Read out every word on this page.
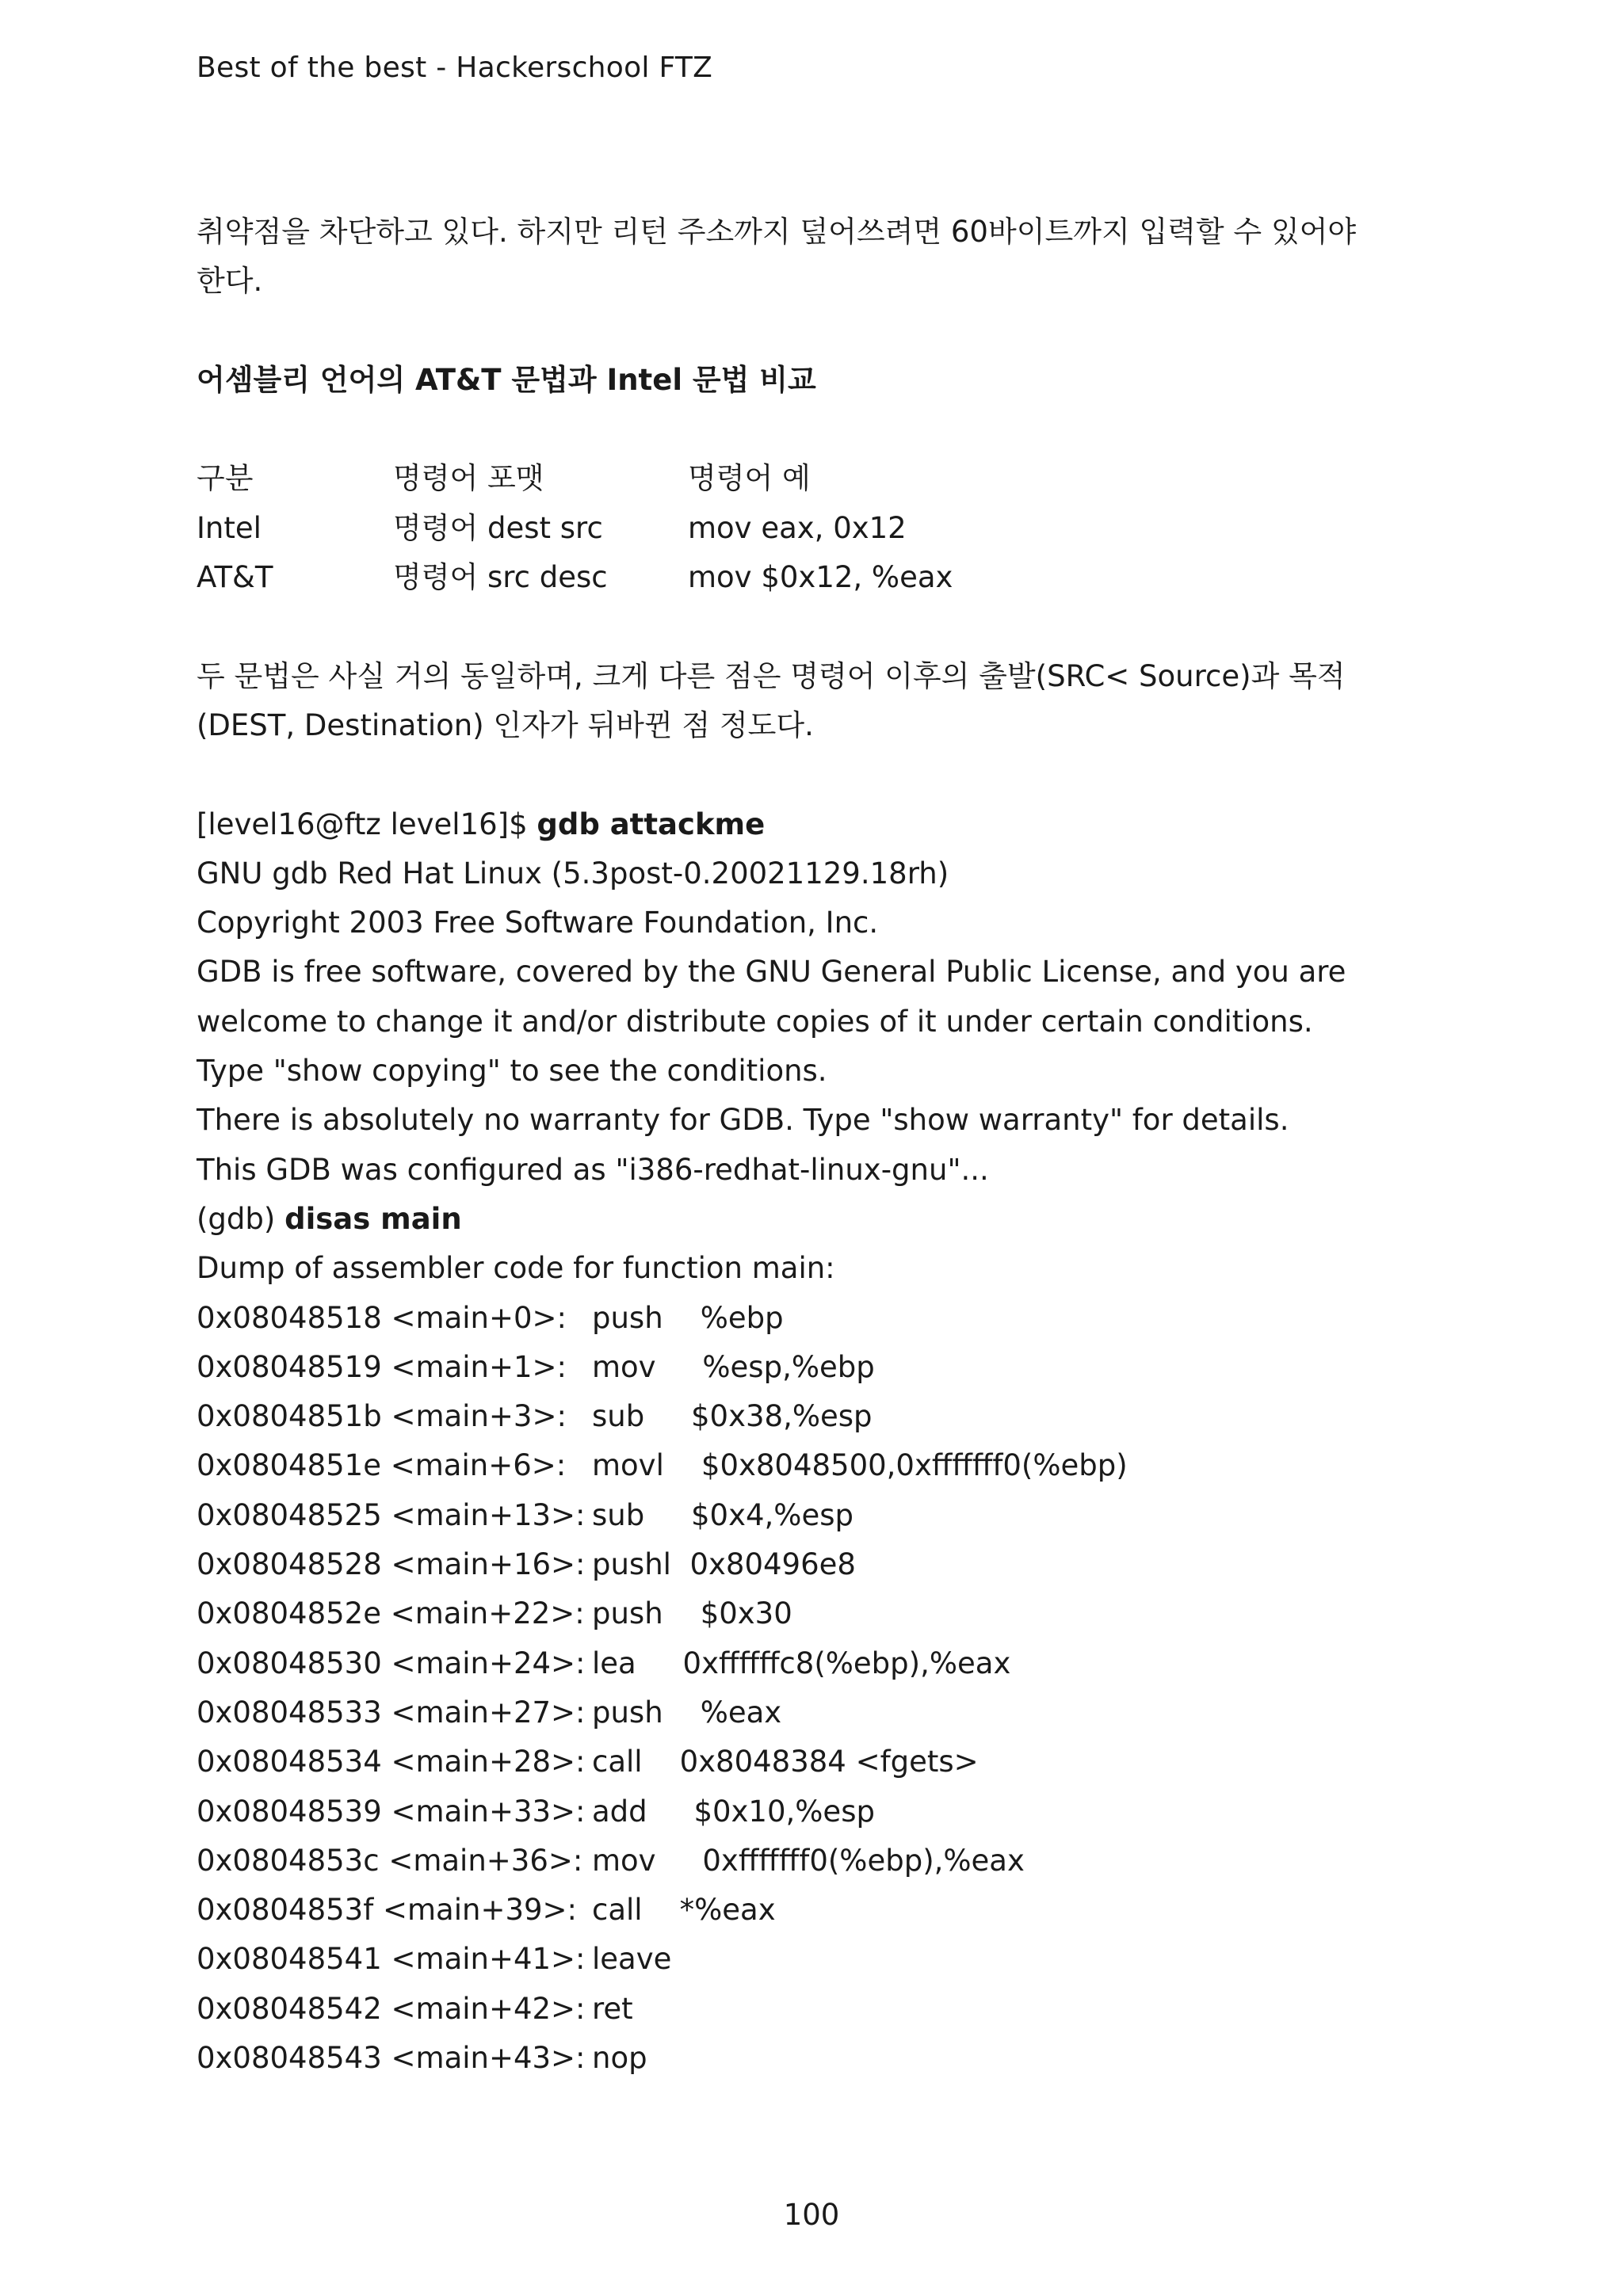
Best of the best - Hackerschool FTZ
취약점을 차단하고 있다. 하지만 리턴 주소까지 덮어쓰려면 60바이트까지 입력할 수 있어야
한다.
어셈블리 언어의 AT&T 문법과 Intel 문법 비교
구분	명령어 포맷	명령어 예
Intel	명령어 dest src	mov eax, 0x12
AT&T	명령어 src desc	mov $0x12, %eax
두 문법은 사실 거의 동일하며, 크게 다른 점은 명령어 이후의 출발(SRC< Source)과 목적
(DEST, Destination) 인자가 뒤바뀐 점 정도다.
[level16@ftz level16]$ gdb attackme
GNU gdb Red Hat Linux (5.3post-0.20021129.18rh)
Copyright 2003 Free Software Foundation, Inc.
GDB is free software, covered by the GNU General Public License, and you are
welcome to change it and/or distribute copies of it under certain conditions.
Type "show copying" to see the conditions.
There is absolutely no warranty for GDB. Type "show warranty" for details.
This GDB was configured as "i386-redhat-linux-gnu"...
(gdb) disas main
Dump of assembler code for function main:
0x08048518 <main+0>: push    %ebp
0x08048519 <main+1>: mov     %esp,%ebp
0x0804851b <main+3>: sub     $0x38,%esp
0x0804851e <main+6>: movl    $0x8048500,0xfffffff0(%ebp)
0x08048525 <main+13>: sub     $0x4,%esp
0x08048528 <main+16>: pushl  0x80496e8
0x0804852e <main+22>: push    $0x30
0x08048530 <main+24>: lea     0xffffffc8(%ebp),%eax
0x08048533 <main+27>: push    %eax
0x08048534 <main+28>: call    0x8048384 <fgets>
0x08048539 <main+33>: add     $0x10,%esp
0x0804853c <main+36>: mov     0xfffffff0(%ebp),%eax
0x0804853f <main+39>: call    *%eax
0x08048541 <main+41>: leave
0x08048542 <main+42>: ret
0x08048543 <main+43>: nop
100
